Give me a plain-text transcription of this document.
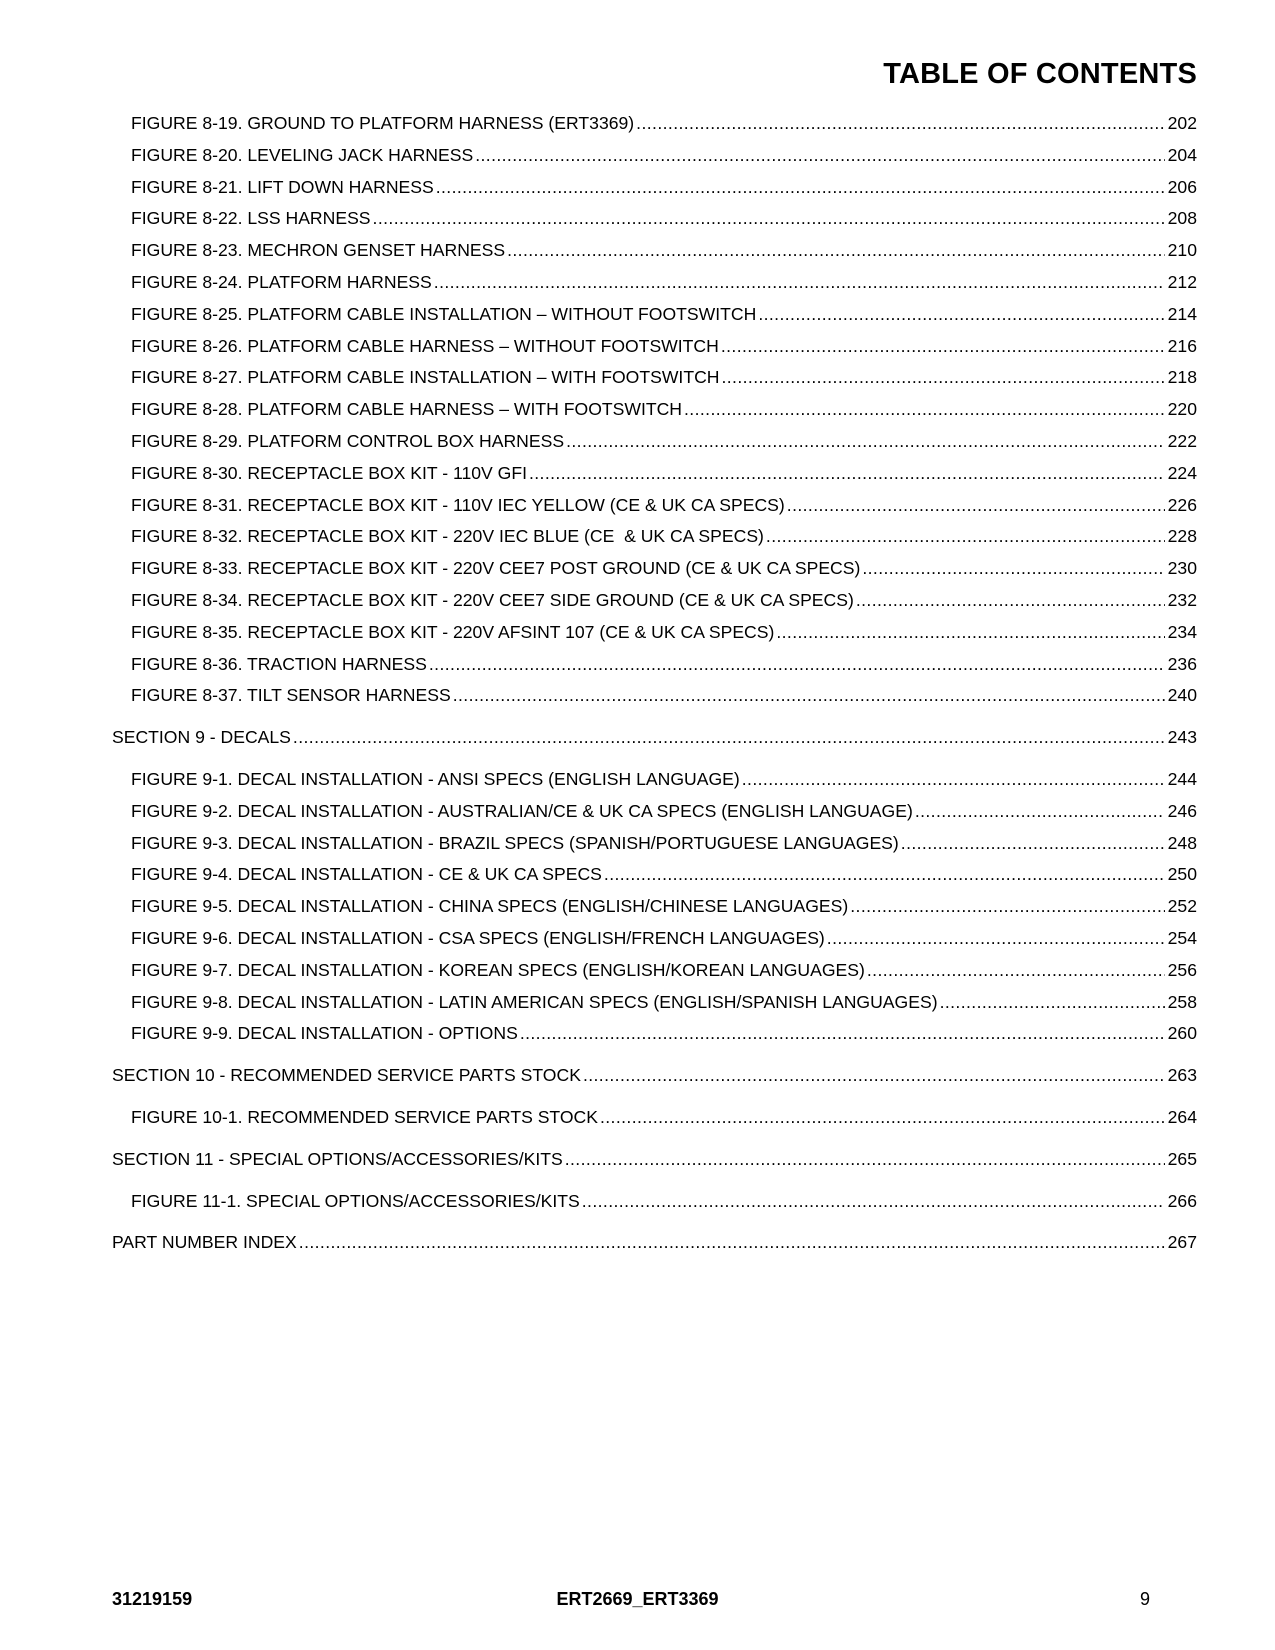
TABLE OF CONTENTS
FIGURE 8-19. GROUND TO PLATFORM HARNESS (ERT3369) .....	202
FIGURE 8-20. LEVELING JACK HARNESS .....	204
FIGURE 8-21. LIFT DOWN HARNESS .....	206
FIGURE 8-22. LSS HARNESS .....	208
FIGURE 8-23. MECHRON GENSET HARNESS .....	210
FIGURE 8-24. PLATFORM HARNESS .....	212
FIGURE 8-25. PLATFORM CABLE INSTALLATION – WITHOUT FOOTSWITCH .....	214
FIGURE 8-26. PLATFORM CABLE HARNESS – WITHOUT FOOTSWITCH .....	216
FIGURE 8-27. PLATFORM CABLE INSTALLATION – WITH FOOTSWITCH .....	218
FIGURE 8-28. PLATFORM CABLE HARNESS – WITH FOOTSWITCH .....	220
FIGURE 8-29. PLATFORM CONTROL BOX HARNESS .....	222
FIGURE 8-30. RECEPTACLE BOX KIT - 110V GFI .....	224
FIGURE 8-31. RECEPTACLE BOX KIT - 110V IEC YELLOW (CE & UK CA SPECS) .....	226
FIGURE 8-32. RECEPTACLE BOX KIT - 220V IEC BLUE (CE  & UK CA SPECS) .....	228
FIGURE 8-33. RECEPTACLE BOX KIT - 220V CEE7 POST GROUND (CE & UK CA SPECS) .....	230
FIGURE 8-34. RECEPTACLE BOX KIT - 220V CEE7 SIDE GROUND (CE & UK CA SPECS) .....	232
FIGURE 8-35. RECEPTACLE BOX KIT - 220V AFSINT 107 (CE & UK CA SPECS) .....	234
FIGURE 8-36. TRACTION HARNESS .....	236
FIGURE 8-37. TILT SENSOR HARNESS .....	240
SECTION 9 - DECALS .....	243
FIGURE 9-1. DECAL INSTALLATION - ANSI SPECS (ENGLISH LANGUAGE) .....	244
FIGURE 9-2. DECAL INSTALLATION - AUSTRALIAN/CE & UK CA SPECS (ENGLISH LANGUAGE) .....	246
FIGURE 9-3. DECAL INSTALLATION - BRAZIL SPECS (SPANISH/PORTUGUESE LANGUAGES) .....	248
FIGURE 9-4. DECAL INSTALLATION - CE & UK CA SPECS .....	250
FIGURE 9-5. DECAL INSTALLATION - CHINA SPECS (ENGLISH/CHINESE LANGUAGES) .....	252
FIGURE 9-6. DECAL INSTALLATION - CSA SPECS (ENGLISH/FRENCH LANGUAGES) .....	254
FIGURE 9-7. DECAL INSTALLATION - KOREAN SPECS (ENGLISH/KOREAN LANGUAGES) .....	256
FIGURE 9-8. DECAL INSTALLATION - LATIN AMERICAN SPECS (ENGLISH/SPANISH LANGUAGES) .....	258
FIGURE 9-9. DECAL INSTALLATION - OPTIONS .....	260
SECTION 10 - RECOMMENDED SERVICE PARTS STOCK .....	263
FIGURE 10-1. RECOMMENDED SERVICE PARTS STOCK .....	264
SECTION 11 - SPECIAL OPTIONS/ACCESSORIES/KITS .....	265
FIGURE 11-1. SPECIAL OPTIONS/ACCESSORIES/KITS .....	266
PART NUMBER INDEX .....	267
31219159	ERT2669_ERT3369	9
